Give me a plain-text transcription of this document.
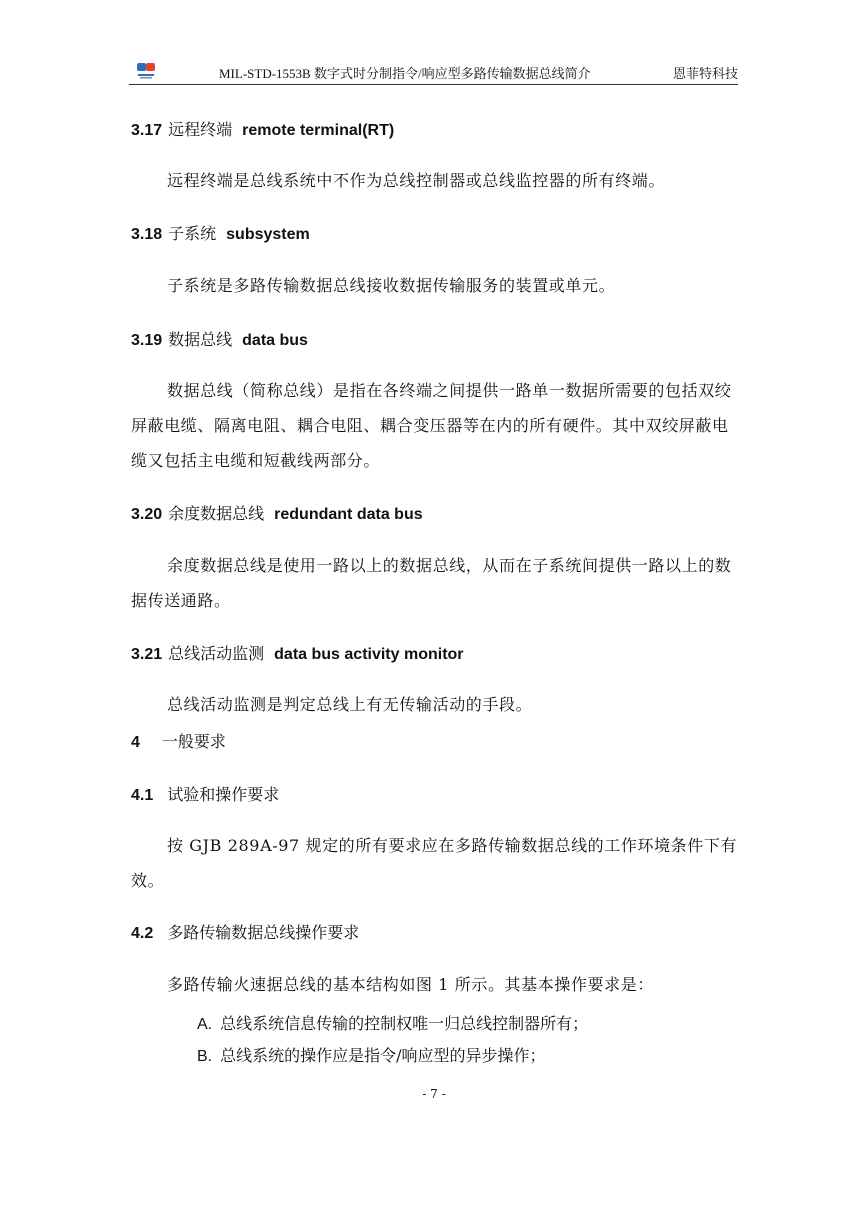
MIL-STD-1553B 数字式时分制指令/响应型多路传输数据总线简介	恩菲特科技
3.17 远程终端 remote terminal(RT)
远程终端是总线系统中不作为总线控制器或总线监控器的所有终端。
3.18 子系统 subsystem
子系统是多路传输数据总线接收数据传输服务的装置或单元。
3.19 数据总线 data bus
数据总线（简称总线）是指在各终端之间提供一路单一数据所需要的包括双绞屏蔽电缆、隔离电阻、耦合电阻、耦合变压器等在内的所有硬件。其中双绞屏蔽电缆又包括主电缆和短截线两部分。
3.20 余度数据总线 redundant data bus
余度数据总线是使用一路以上的数据总线，从而在子系统间提供一路以上的数据传送通路。
3.21 总线活动监测 data bus activity monitor
总线活动监测是判定总线上有无传输活动的手段。
4 一般要求
4.1 试验和操作要求
按 GJB 289A-97 规定的所有要求应在多路传输数据总线的工作环境条件下有效。
4.2 多路传输数据总线操作要求
多路传输火速据总线的基本结构如图 1 所示。其基本操作要求是：
A. 总线系统信息传输的控制权唯一归总线控制器所有；
B. 总线系统的操作应是指令/响应型的异步操作；
- 7 -
